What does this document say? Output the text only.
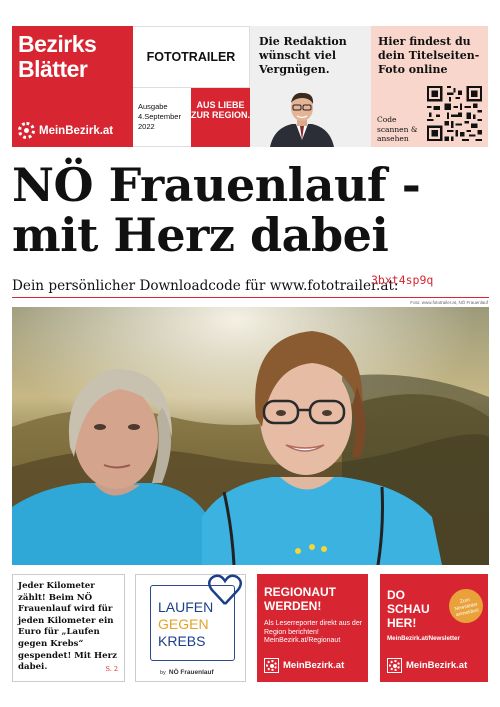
Bezirks Blätter
MeinBezirk.at
FOTOTRAILER
Ausgabe
4.September 2022
AUS LIEBE ZUR REGION.
Die Redaktion wünscht viel Vergnügen.
Hier findest du dein Titelseiten-Foto online
Code scannen & ansehen
NÖ Frauenlauf - mit Herz dabei
Dein persönlicher Downloadcode für www.fototrailer.at:
3bxt4sp9q
Foto: www.fototrailer.at, NÖ Frauenlauf
Jeder Kilometer zählt! Beim NÖ Frauenlauf wird für jeden Kilometer ein Euro für „Laufen gegen Krebs“ gespendet! Mit Herz dabei.	S. 2
LAUFEN
GEGEN
KREBS
by NÖ Frauenlauf
REGIONAUT WERDEN!
Als Leserreporter direkt aus der Region berichten! MeinBezirk.at/Regionaut
MeinBezirk.at
DO SCHAU HER!
Zum Newsletter anmelden!
MeinBezirk.at/Newsletter
MeinBezirk.at
